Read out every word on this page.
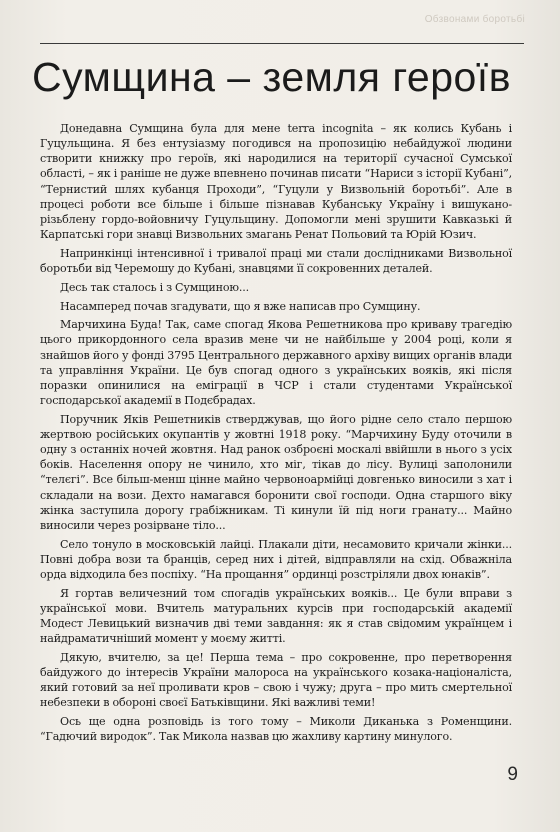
Обзвонами боротьбі
Сумщина – земля героїв

Донедавна Сумщина була для мене terra incognita – як колись Кубань і Гуцульщина. Я без ентузіазму погодився на пропозицію небайдужої людини створити книжку про героїв, які народилися на території сучасної Сумської області, – як і раніше не дуже впевнено починав писати “Нариси з історії Кубані”, “Тернистий шлях кубанця Проходи”, “Гуцули у Визвольній боротьбі”. Але в процесі роботи все більше і більше пізнавав Кубанську Україну і вишукано-різьблену гордо-войовничу Гуцульщину. Допомогли мені зрушити Кавказькі й Карпатські гори знавці Визвольних змагань Ренат Польовий та Юрій Юзич.

Напринкінці інтенсивної і тривалої праці ми стали дослідниками Визвольної боротьби від Черемошу до Кубані, знавцями її сокровенних деталей.

Десь так сталось і з Сумщиною...

Насамперед почав згадувати, що я вже написав про Сумщину.

Марчихина Буда! Так, саме спогад Якова Решетникова про криваву трагедію цього прикордонного села вразив мене чи не найбільше у 2004 році, коли я знайшов його у фонді 3795 Центрального державного архіву вищих органів влади та управління України. Це був спогад одного з українських вояків, які після поразки опинилися на еміграції в ЧСР і стали студентами Української господарської академії в Подєбрадах.

Поручник Яків Решетників стверджував, що його рідне село стало першою жертвою російських окупантів у жовтні 1918 року. “Марчихину Буду оточили в одну з останніх ночей жовтня. Над ранок озброєні москалі ввійшли в нього з усіх боків. Населення опору не чинило, хто міг, тікав до лісу. Вулиці заполонили “телєгі”. Все більш-менш цінне майно червоноармійці довгенько виносили з хат і складали на вози. Дехто намагався боронити свої господи. Одна старшого віку жінка заступила дорогу грабіжникам. Ті кинули їй під ноги гранату... Майно виносили через розірване тіло...

Село тонуло в московській лайці. Плакали діти, несамовито кричали жінки... Повні добра вози та бранців, серед них і дітей, відправляли на схід. Обважніла орда відходила без поспіху. “На прощання” ординці розстріляли двох юнаків”.

Я гортав величезний том спогадів українських вояків... Це були вправи з української мови. Вчитель матуральних курсів при господарській академії Модест Левицький визначив дві теми завдання: як я став свідомим українцем і найдраматичніший момент у моєму житті.

Дякую, вчителю, за це! Перша тема – про сокровенне, про перетворення байдужого до інтересів України малороса на українського козака-націоналіста, який готовий за неї проливати кров – свою і чужу; друга – про мить смертельної небезпеки в обороні своєї Батьківщини. Які важливі теми!

Ось ще одна розповідь із того тому – Миколи Диканька з Роменщини. “Гадючий виродок”. Так Микола назвав цю жахливу картину минулого.

9
